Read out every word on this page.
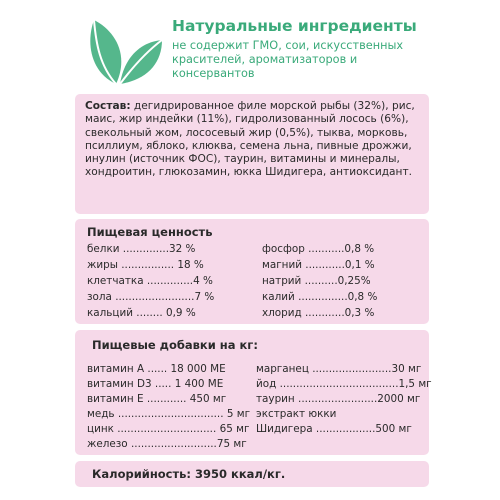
Натуральные ингредиенты
не содержит ГМО, сои, искусственных красителей, ароматизаторов и консервантов
Состав: дегидрированное филе морской рыбы (32%), рис, маис, жир индейки (11%), гидролизованный лосось (6%), свекольный жом, лососевый жир (0,5%), тыква, морковь, псиллиум, яблоко, клюква, семена льна, пивные дрожжи, инулин (источник ФОС), таурин, витамины и минералы, хондроитин, глюкозамин, юкка Шидигера, антиоксидант.
Пищевая ценность
белки ..............32 %
жиры ................ 18 %
клетчатка ..............4 %
зола ........................7 %
кальций ........ 0,9 %
фосфор ...........0,8 %
магний ............0,1 %
натрий ..........0,25%
калий ...............0,8 %
хлорид ............0,3 %
Пищевые добавки на кг:
витамин А ...... 18 000 МЕ
витамин D3 ..... 1 400 МЕ
витамин Е ............ 450 мг
медь ................................ 5 мг
цинк .............................. 65 мг
железо ..........................75 мг
марганец ........................30 мг
йод ....................................1,5 мг
таурин ........................2000 мг
экстракт юкки
Шидигера ..................500 мг
Калорийность: 3950 ккал/кг.
